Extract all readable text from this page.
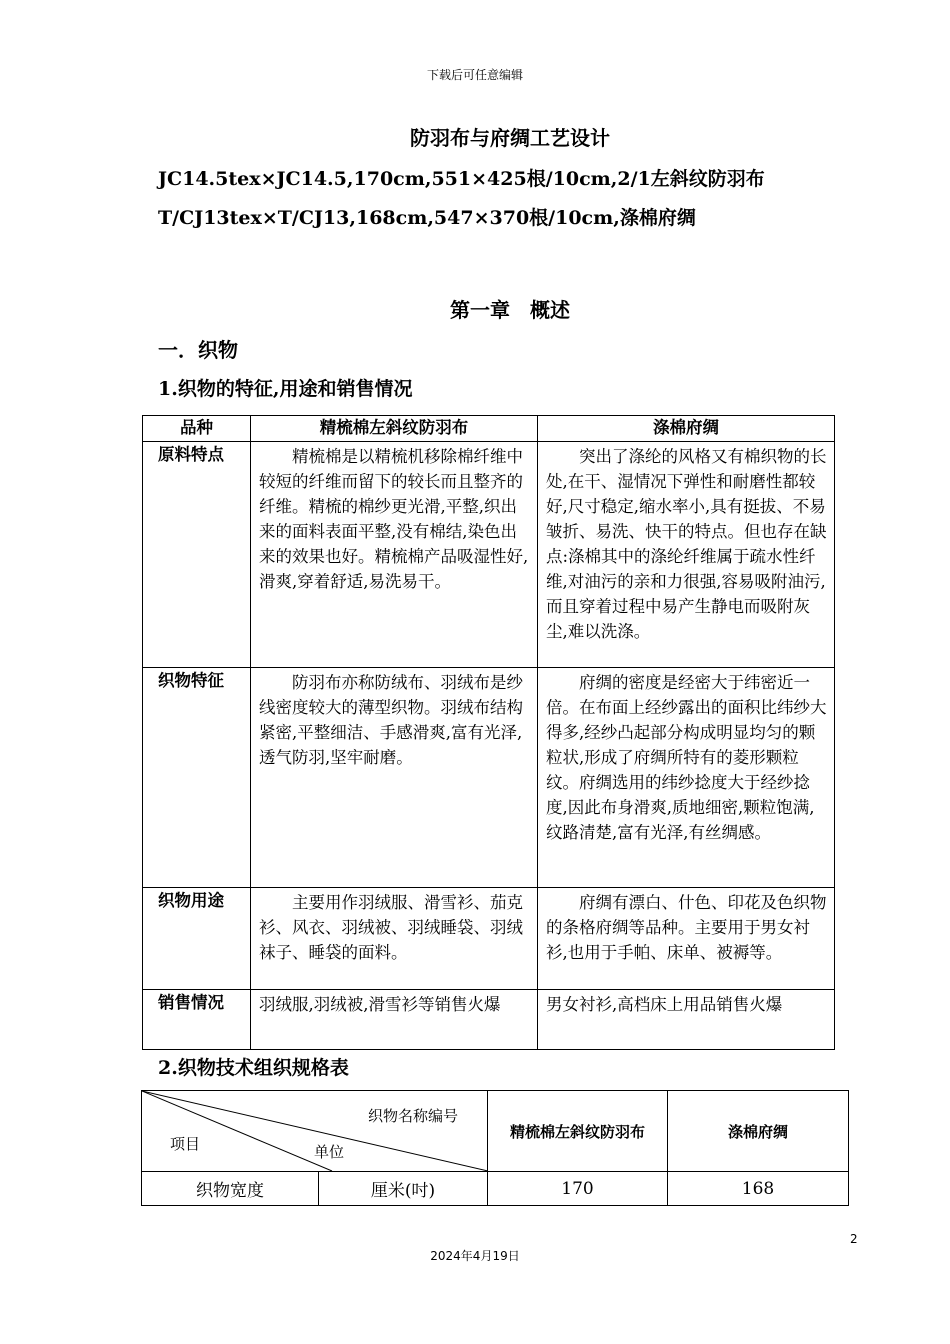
下载后可任意编辑
防羽布与府绸工艺设计
JC14.5tex×JC14.5,170cm,551×425根/10cm,2/1左斜纹防羽布
T/CJ13tex×T/CJ13,168cm,547×370根/10cm,涤棉府绸
第一章　概述
一．织物
1.织物的特征,用途和销售情况
品种	精梳棉左斜纹防羽布	涤棉府绸
原料特点	精梳棉是以精梳机移除棉纤维中较短的纤维而留下的较长而且整齐的纤维。精梳的棉纱更光滑,平整,织出来的面料表面平整,没有棉结,染色出来的效果也好。精梳棉产品吸湿性好,滑爽,穿着舒适,易洗易干。	突出了涤纶的风格又有棉织物的长处,在干、湿情况下弹性和耐磨性都较好,尺寸稳定,缩水率小,具有挺拔、不易皱折、易洗、快干的特点。但也存在缺点:涤棉其中的涤纶纤维属于疏水性纤维,对油污的亲和力很强,容易吸附油污,而且穿着过程中易产生静电而吸附灰尘,难以洗涤。
织物特征	防羽布亦称防绒布、羽绒布是纱线密度较大的薄型织物。羽绒布结构紧密,平整细洁、手感滑爽,富有光泽,透气防羽,坚牢耐磨。	府绸的密度是经密大于纬密近一倍。在布面上经纱露出的面积比纬纱大得多,经纱凸起部分构成明显均匀的颗粒状,形成了府绸所特有的菱形颗粒纹。府绸选用的纬纱捻度大于经纱捻度,因此布身滑爽,质地细密,颗粒饱满,纹路清楚,富有光泽,有丝绸感。
织物用途	主要用作羽绒服、滑雪衫、茄克衫、风衣、羽绒被、羽绒睡袋、羽绒袜子、睡袋的面料。	府绸有漂白、什色、印花及色织物的条格府绸等品种。主要用于男女衬衫,也用于手帕、床单、被褥等。
销售情况	羽绒服,羽绒被,滑雪衫等销售火爆	男女衬衫,高档床上用品销售火爆
2.织物技术组织规格表
织物名称编号
项目 单位		精梳棉左斜纹防羽布	涤棉府绸
织物宽度	厘米(吋)	170	168
2
2024年4月19日
